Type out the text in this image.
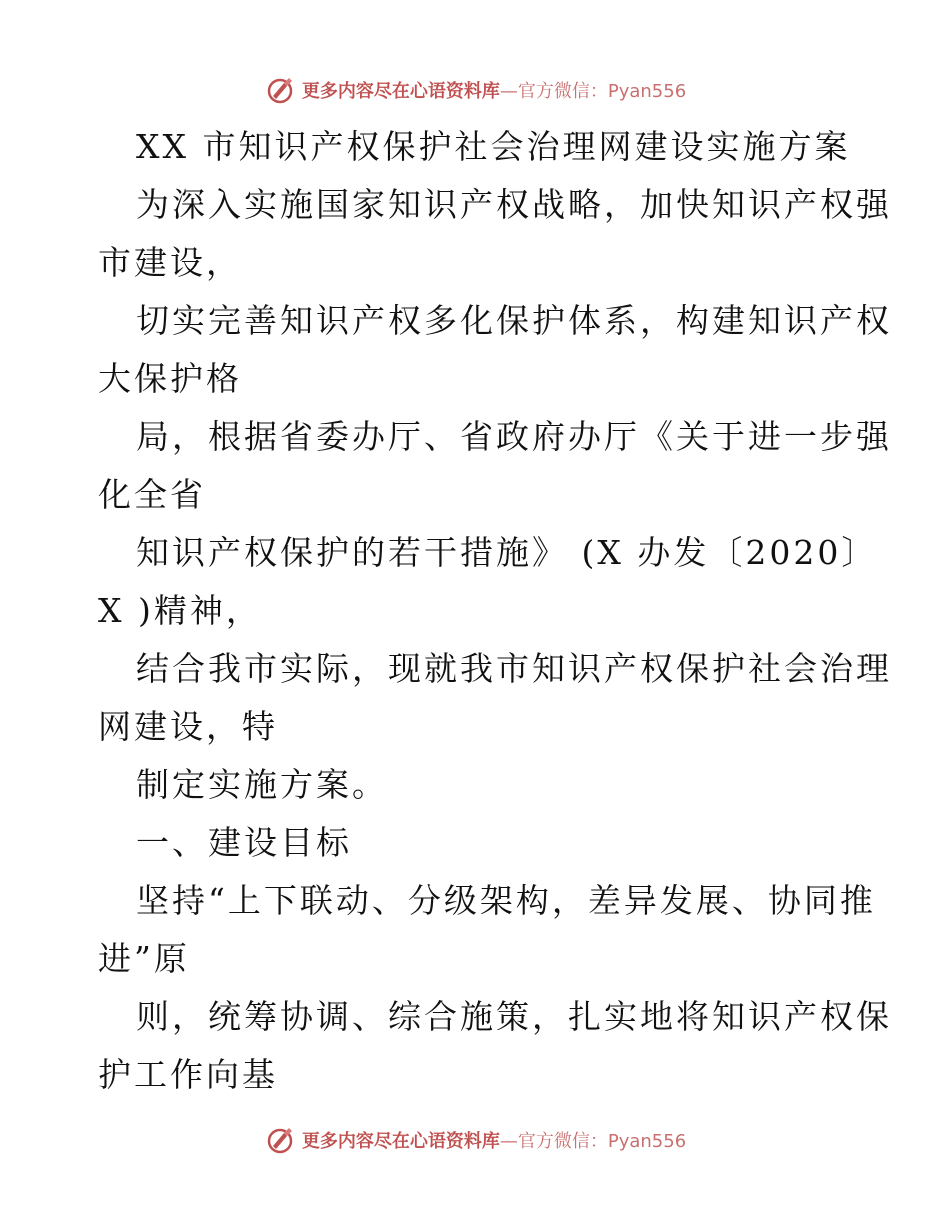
更多内容尽在心语资料库—官方微信：Pyan556
XX 市知识产权保护社会治理网建设实施方案
为深入实施国家知识产权战略，加快知识产权强
市建设，
切实完善知识产权多化保护体系，构建知识产权
大保护格
局，根据省委办厅、省政府办厅《关于进一步强
化全省
知识产权保护的若干措施》 (X 办发〔2020〕
X )精神，
结合我市实际，现就我市知识产权保护社会治理
网建设，特
制定实施方案。
一、建设目标
坚持“上下联动、分级架构，差异发展、协同推
进”原
则，统筹协调、综合施策，扎实地将知识产权保
护工作向基
更多内容尽在心语资料库—官方微信：Pyan556
